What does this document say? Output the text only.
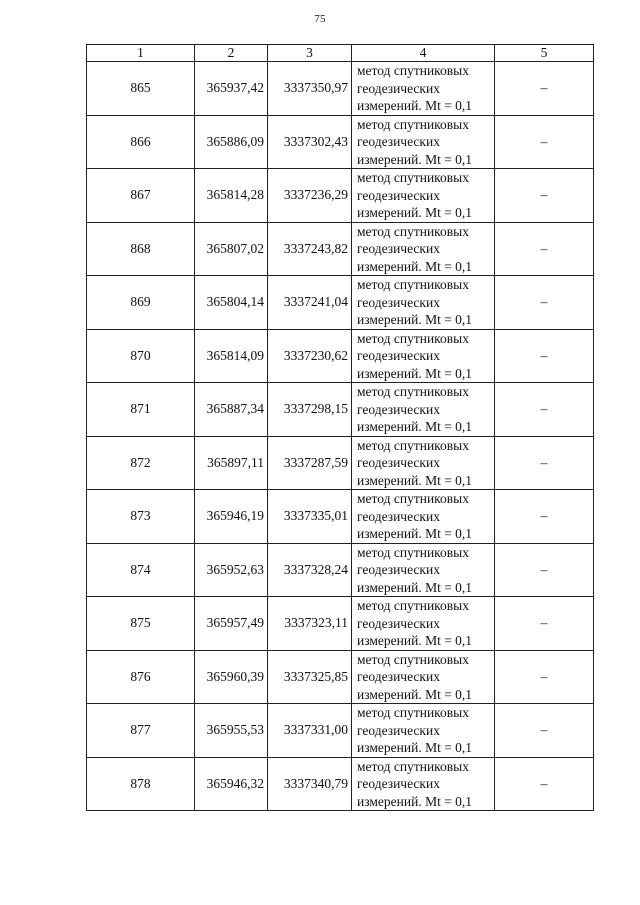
75
1	2	3	4	5
865	365937,42	3337350,97	метод спутниковых
геодезических
измерений. Mt = 0,1	–
866	365886,09	3337302,43	метод спутниковых
геодезических
измерений. Mt = 0,1	–
867	365814,28	3337236,29	метод спутниковых
геодезических
измерений. Mt = 0,1	–
868	365807,02	3337243,82	метод спутниковых
геодезических
измерений. Mt = 0,1	–
869	365804,14	3337241,04	метод спутниковых
геодезических
измерений. Mt = 0,1	–
870	365814,09	3337230,62	метод спутниковых
геодезических
измерений. Mt = 0,1	–
871	365887,34	3337298,15	метод спутниковых
геодезических
измерений. Mt = 0,1	–
872	365897,11	3337287,59	метод спутниковых
геодезических
измерений. Mt = 0,1	–
873	365946,19	3337335,01	метод спутниковых
геодезических
измерений. Mt = 0,1	–
874	365952,63	3337328,24	метод спутниковых
геодезических
измерений. Mt = 0,1	–
875	365957,49	3337323,11	метод спутниковых
геодезических
измерений. Mt = 0,1	–
876	365960,39	3337325,85	метод спутниковых
геодезических
измерений. Mt = 0,1	–
877	365955,53	3337331,00	метод спутниковых
геодезических
измерений. Mt = 0,1	–
878	365946,32	3337340,79	метод спутниковых
геодезических
измерений. Mt = 0,1	–
